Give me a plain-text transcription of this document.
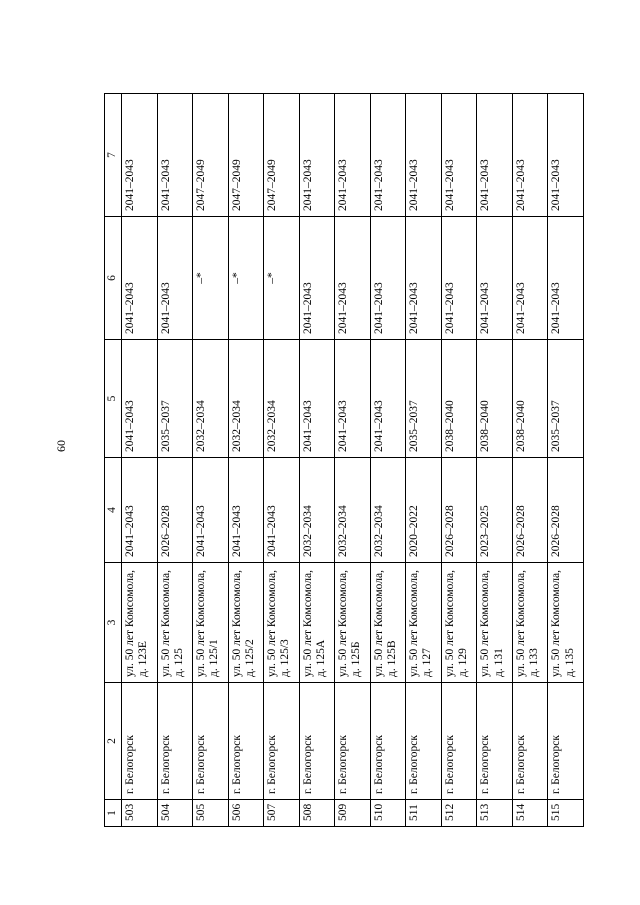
60
1	2	3	4	5	6	7
503	г. Белогорск	ул. 50 лет Комсомола, д. 123Е	2041–2043	2041–2043	2041–2043	2041–2043
504	г. Белогорск	ул. 50 лет Комсомола, д. 125	2026–2028	2035–2037	2041–2043	2041–2043
505	г. Белогорск	ул. 50 лет Комсомола, д. 125/1	2041–2043	2032–2034	–*	2047–2049
506	г. Белогорск	ул. 50 лет Комсомола, д. 125/2	2041–2043	2032–2034	–*	2047–2049
507	г. Белогорск	ул. 50 лет Комсомола, д. 125/3	2041–2043	2032–2034	–*	2047–2049
508	г. Белогорск	ул. 50 лет Комсомола, д. 125А	2032–2034	2041–2043	2041–2043	2041–2043
509	г. Белогорск	ул. 50 лет Комсомола, д. 125Б	2032–2034	2041–2043	2041–2043	2041–2043
510	г. Белогорск	ул. 50 лет Комсомола, д. 125В	2032–2034	2041–2043	2041–2043	2041–2043
511	г. Белогорск	ул. 50 лет Комсомола, д. 127	2020–2022	2035–2037	2041–2043	2041–2043
512	г. Белогорск	ул. 50 лет Комсомола, д. 129	2026–2028	2038–2040	2041–2043	2041–2043
513	г. Белогорск	ул. 50 лет Комсомола, д. 131	2023–2025	2038–2040	2041–2043	2041–2043
514	г. Белогорск	ул. 50 лет Комсомола, д. 133	2026–2028	2038–2040	2041–2043	2041–2043
515	г. Белогорск	ул. 50 лет Комсомола, д. 135	2026–2028	2035–2037	2041–2043	2041–2043
